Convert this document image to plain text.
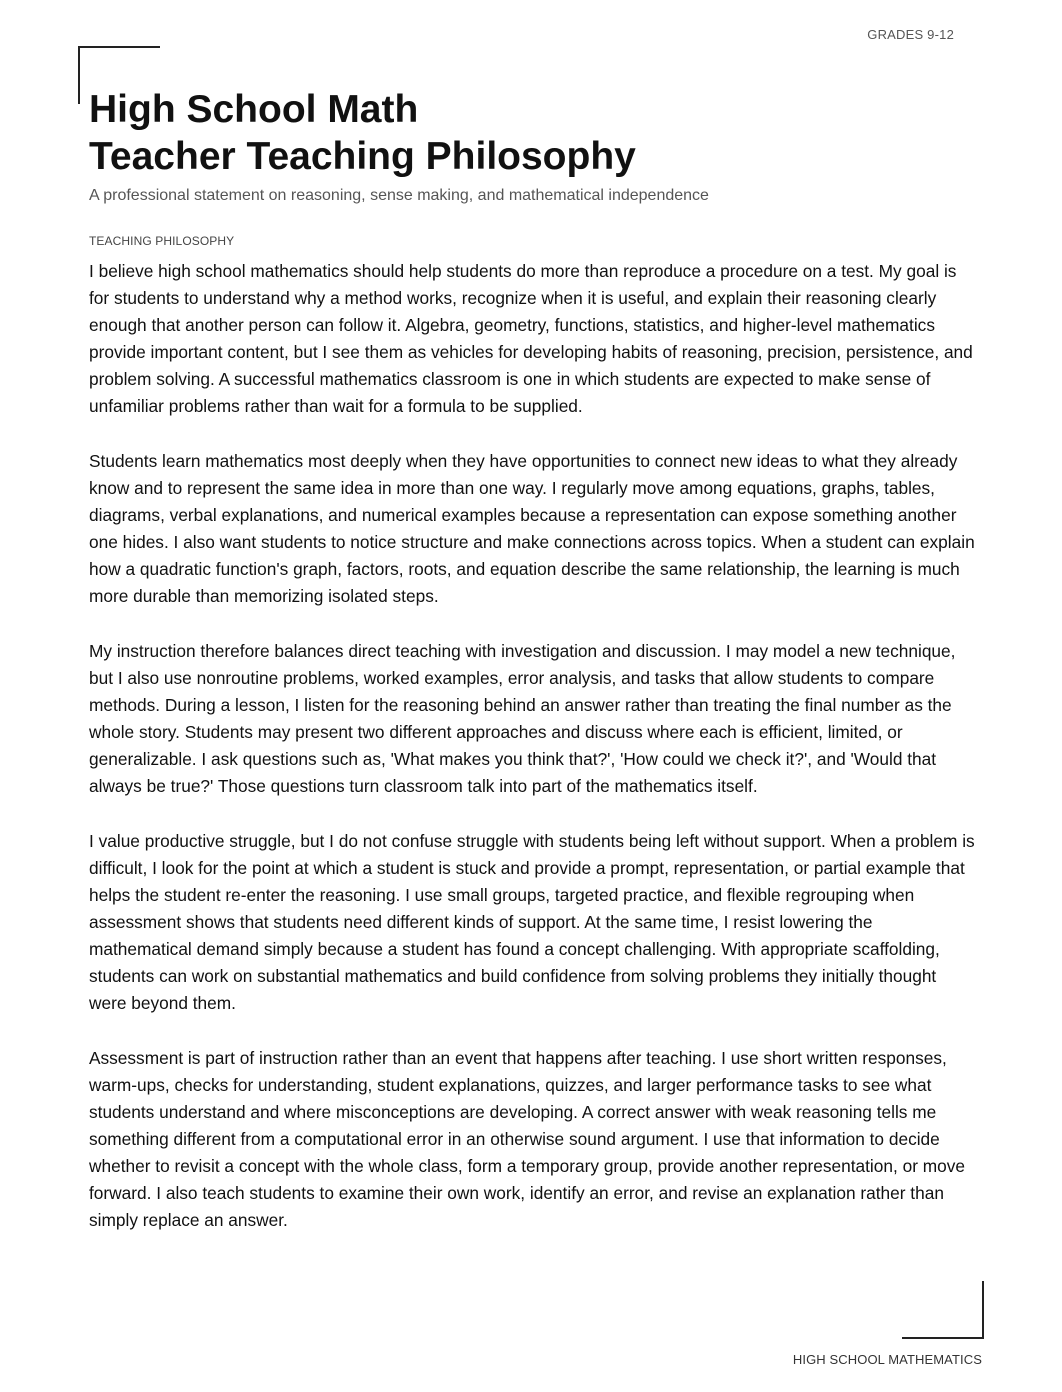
GRADES 9-12
High School Math
Teacher Teaching Philosophy
A professional statement on reasoning, sense making, and mathematical independence
TEACHING PHILOSOPHY

I believe high school mathematics should help students do more than reproduce a procedure on a test. My goal is for students to understand why a method works, recognize when it is useful, and explain their reasoning clearly enough that another person can follow it. Algebra, geometry, functions, statistics, and higher-level mathematics provide important content, but I see them as vehicles for developing habits of reasoning, precision, persistence, and problem solving. A successful mathematics classroom is one in which students are expected to make sense of unfamiliar problems rather than wait for a formula to be supplied.

Students learn mathematics most deeply when they have opportunities to connect new ideas to what they already know and to represent the same idea in more than one way. I regularly move among equations, graphs, tables, diagrams, verbal explanations, and numerical examples because a representation can expose something another one hides. I also want students to notice structure and make connections across topics. When a student can explain how a quadratic function's graph, factors, roots, and equation describe the same relationship, the learning is much more durable than memorizing isolated steps.

My instruction therefore balances direct teaching with investigation and discussion. I may model a new technique, but I also use nonroutine problems, worked examples, error analysis, and tasks that allow students to compare methods. During a lesson, I listen for the reasoning behind an answer rather than treating the final number as the whole story. Students may present two different approaches and discuss where each is efficient, limited, or generalizable. I ask questions such as, 'What makes you think that?', 'How could we check it?', and 'Would that always be true?' Those questions turn classroom talk into part of the mathematics itself.

I value productive struggle, but I do not confuse struggle with students being left without support. When a problem is difficult, I look for the point at which a student is stuck and provide a prompt, representation, or partial example that helps the student re-enter the reasoning. I use small groups, targeted practice, and flexible regrouping when assessment shows that students need different kinds of support. At the same time, I resist lowering the mathematical demand simply because a student has found a concept challenging. With appropriate scaffolding, students can work on substantial mathematics and build confidence from solving problems they initially thought were beyond them.

Assessment is part of instruction rather than an event that happens after teaching. I use short written responses, warm-ups, checks for understanding, student explanations, quizzes, and larger performance tasks to see what students understand and where misconceptions are developing. A correct answer with weak reasoning tells me something different from a computational error in an otherwise sound argument. I use that information to decide whether to revisit a concept with the whole class, form a temporary group, provide another representation, or move forward. I also teach students to examine their own work, identify an error, and revise an explanation rather than simply replace an answer.

HIGH SCHOOL MATHEMATICS
